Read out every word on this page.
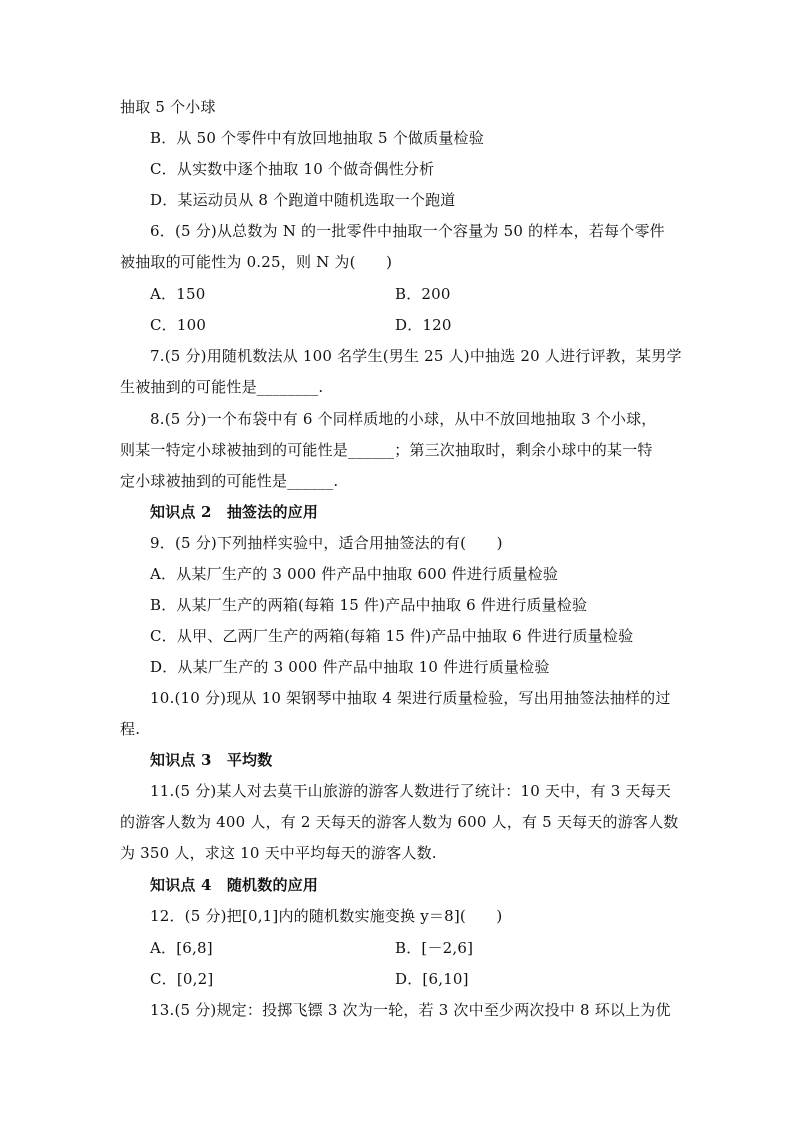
抽取 5 个小球
B．从 50 个零件中有放回地抽取 5 个做质量检验
C．从实数中逐个抽取 10 个做奇偶性分析
D．某运动员从 8 个跑道中随机选取一个跑道
6．(5 分)从总数为 N 的一批零件中抽取一个容量为 50 的样本，若每个零件
被抽取的可能性为 0.25，则 N 为(　　)
A．150	B．200
C．100	D．120
7.(5 分)用随机数法从 100 名学生(男生 25 人)中抽选 20 人进行评教，某男学
生被抽到的可能性是________.
8.(5 分)一个布袋中有 6 个同样质地的小球，从中不放回地抽取 3 个小球，
则某一特定小球被抽到的可能性是______；第三次抽取时，剩余小球中的某一特
定小球被抽到的可能性是______.
知识点 2　抽签法的应用
9．(5 分)下列抽样实验中，适合用抽签法的有(　　)
A．从某厂生产的 3 000 件产品中抽取 600 件进行质量检验
B．从某厂生产的两箱(每箱 15 件)产品中抽取 6 件进行质量检验
C．从甲、乙两厂生产的两箱(每箱 15 件)产品中抽取 6 件进行质量检验
D．从某厂生产的 3 000 件产品中抽取 10 件进行质量检验
10.(10 分)现从 10 架钢琴中抽取 4 架进行质量检验，写出用抽签法抽样的过
程.
知识点 3　平均数
11.(5 分)某人对去莫干山旅游的游客人数进行了统计：10 天中，有 3 天每天
的游客人数为 400 人，有 2 天每天的游客人数为 600 人，有 5 天每天的游客人数
为 350 人，求这 10 天中平均每天的游客人数.
知识点 4　随机数的应用
12．(5 分)把[0,1]内的随机数实施变换 y＝8](　　)
A．[6,8]	B．[－2,6]
C．[0,2]	D．[6,10]
13.(5 分)规定：投掷飞镖 3 次为一轮，若 3 次中至少两次投中 8 环以上为优
